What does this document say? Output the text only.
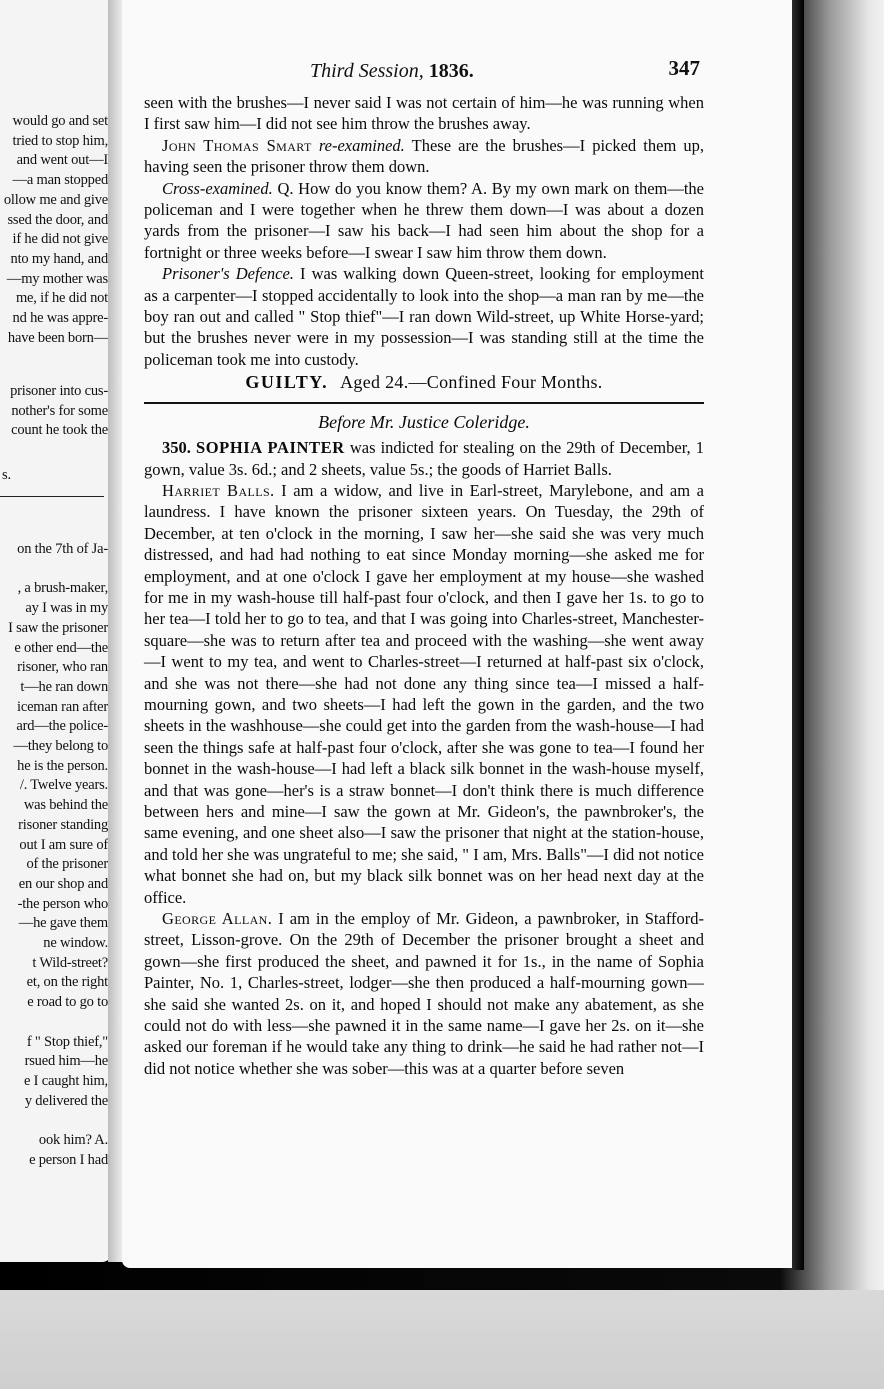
would go and set
tried to stop him,
and went out—I
—a man stopped
ollow me and give
ssed the door, and
if he did not give
nto my hand, and
—my mother was
me, if he did not
nd he was appre-
have been born—
prisoner into cus-
nother's for some
count he took the
s.
on the 7th of Ja-
, a brush-maker,
ay I was in my
I saw the prisoner
e other end—the
risoner, who ran
t—he ran down
iceman ran after
ard—the police-
—they belong to
he is the person.
/. Twelve years.
was behind the
risoner standing
out I am sure of
of the prisoner
en our shop and
-the person who
—he gave them
ne window.
t Wild-street?
et, on the right
e road to go to
f " Stop thief,"
rsued him—he
e I caught him,
y delivered the
ook him? A.
e person I had
Third Session, 1836.	347

seen with the brushes—I never said I was not certain of him—he was running when I first saw him—I did not see him throw the brushes away.

John Thomas Smart re-examined. These are the brushes—I picked them up, having seen the prisoner throw them down.

Cross-examined. Q. How do you know them? A. By my own mark on them—the policeman and I were together when he threw them down—I was about a dozen yards from the prisoner—I saw his back—I had seen him about the shop for a fortnight or three weeks before—I swear I saw him throw them down.

Prisoner's Defence. I was walking down Queen-street, looking for employment as a carpenter—I stopped accidentally to look into the shop—a man ran by me—the boy ran out and called " Stop thief"—I ran down Wild-street, up White Horse-yard; but the brushes never were in my possession—I was standing still at the time the policeman took me into custody.

GUILTY. Aged 24.—Confined Four Months.
Before Mr. Justice Coleridge.

350. SOPHIA PAINTER was indicted for stealing on the 29th of December, 1 gown, value 3s. 6d.; and 2 sheets, value 5s.; the goods of Harriet Balls.

Harriet Balls. I am a widow, and live in Earl-street, Marylebone, and am a laundress. I have known the prisoner sixteen years. On Tuesday, the 29th of December, at ten o'clock in the morning, I saw her—she said she was very much distressed, and had had nothing to eat since Monday morning—she asked me for employment, and at one o'clock I gave her employment at my house—she washed for me in my wash-house till half-past four o'clock, and then I gave her 1s. to go to her tea—I told her to go to tea, and that I was going into Charles-street, Manchester-square—she was to return after tea and proceed with the washing—she went away—I went to my tea, and went to Charles-street—I returned at half-past six o'clock, and she was not there—she had not done any thing since tea—I missed a half-mourning gown, and two sheets—I had left the gown in the garden, and the two sheets in the washhouse—she could get into the garden from the wash-house—I had seen the things safe at half-past four o'clock, after she was gone to tea—I found her bonnet in the wash-house—I had left a black silk bonnet in the wash-house myself, and that was gone—her's is a straw bonnet—I don't think there is much difference between hers and mine—I saw the gown at Mr. Gideon's, the pawnbroker's, the same evening, and one sheet also—I saw the prisoner that night at the station-house, and told her she was ungrateful to me; she said, " I am, Mrs. Balls"—I did not notice what bonnet she had on, but my black silk bonnet was on her head next day at the office.

George Allan. I am in the employ of Mr. Gideon, a pawnbroker, in Stafford-street, Lisson-grove. On the 29th of December the prisoner brought a sheet and gown—she first produced the sheet, and pawned it for 1s., in the name of Sophia Painter, No. 1, Charles-street, lodger—she then produced a half-mourning gown—she said she wanted 2s. on it, and hoped I should not make any abatement, as she could not do with less—she pawned it in the same name—I gave her 2s. on it—she asked our foreman if he would take any thing to drink—he said he had rather not—I did not notice whether she was sober—this was at a quarter before seven
